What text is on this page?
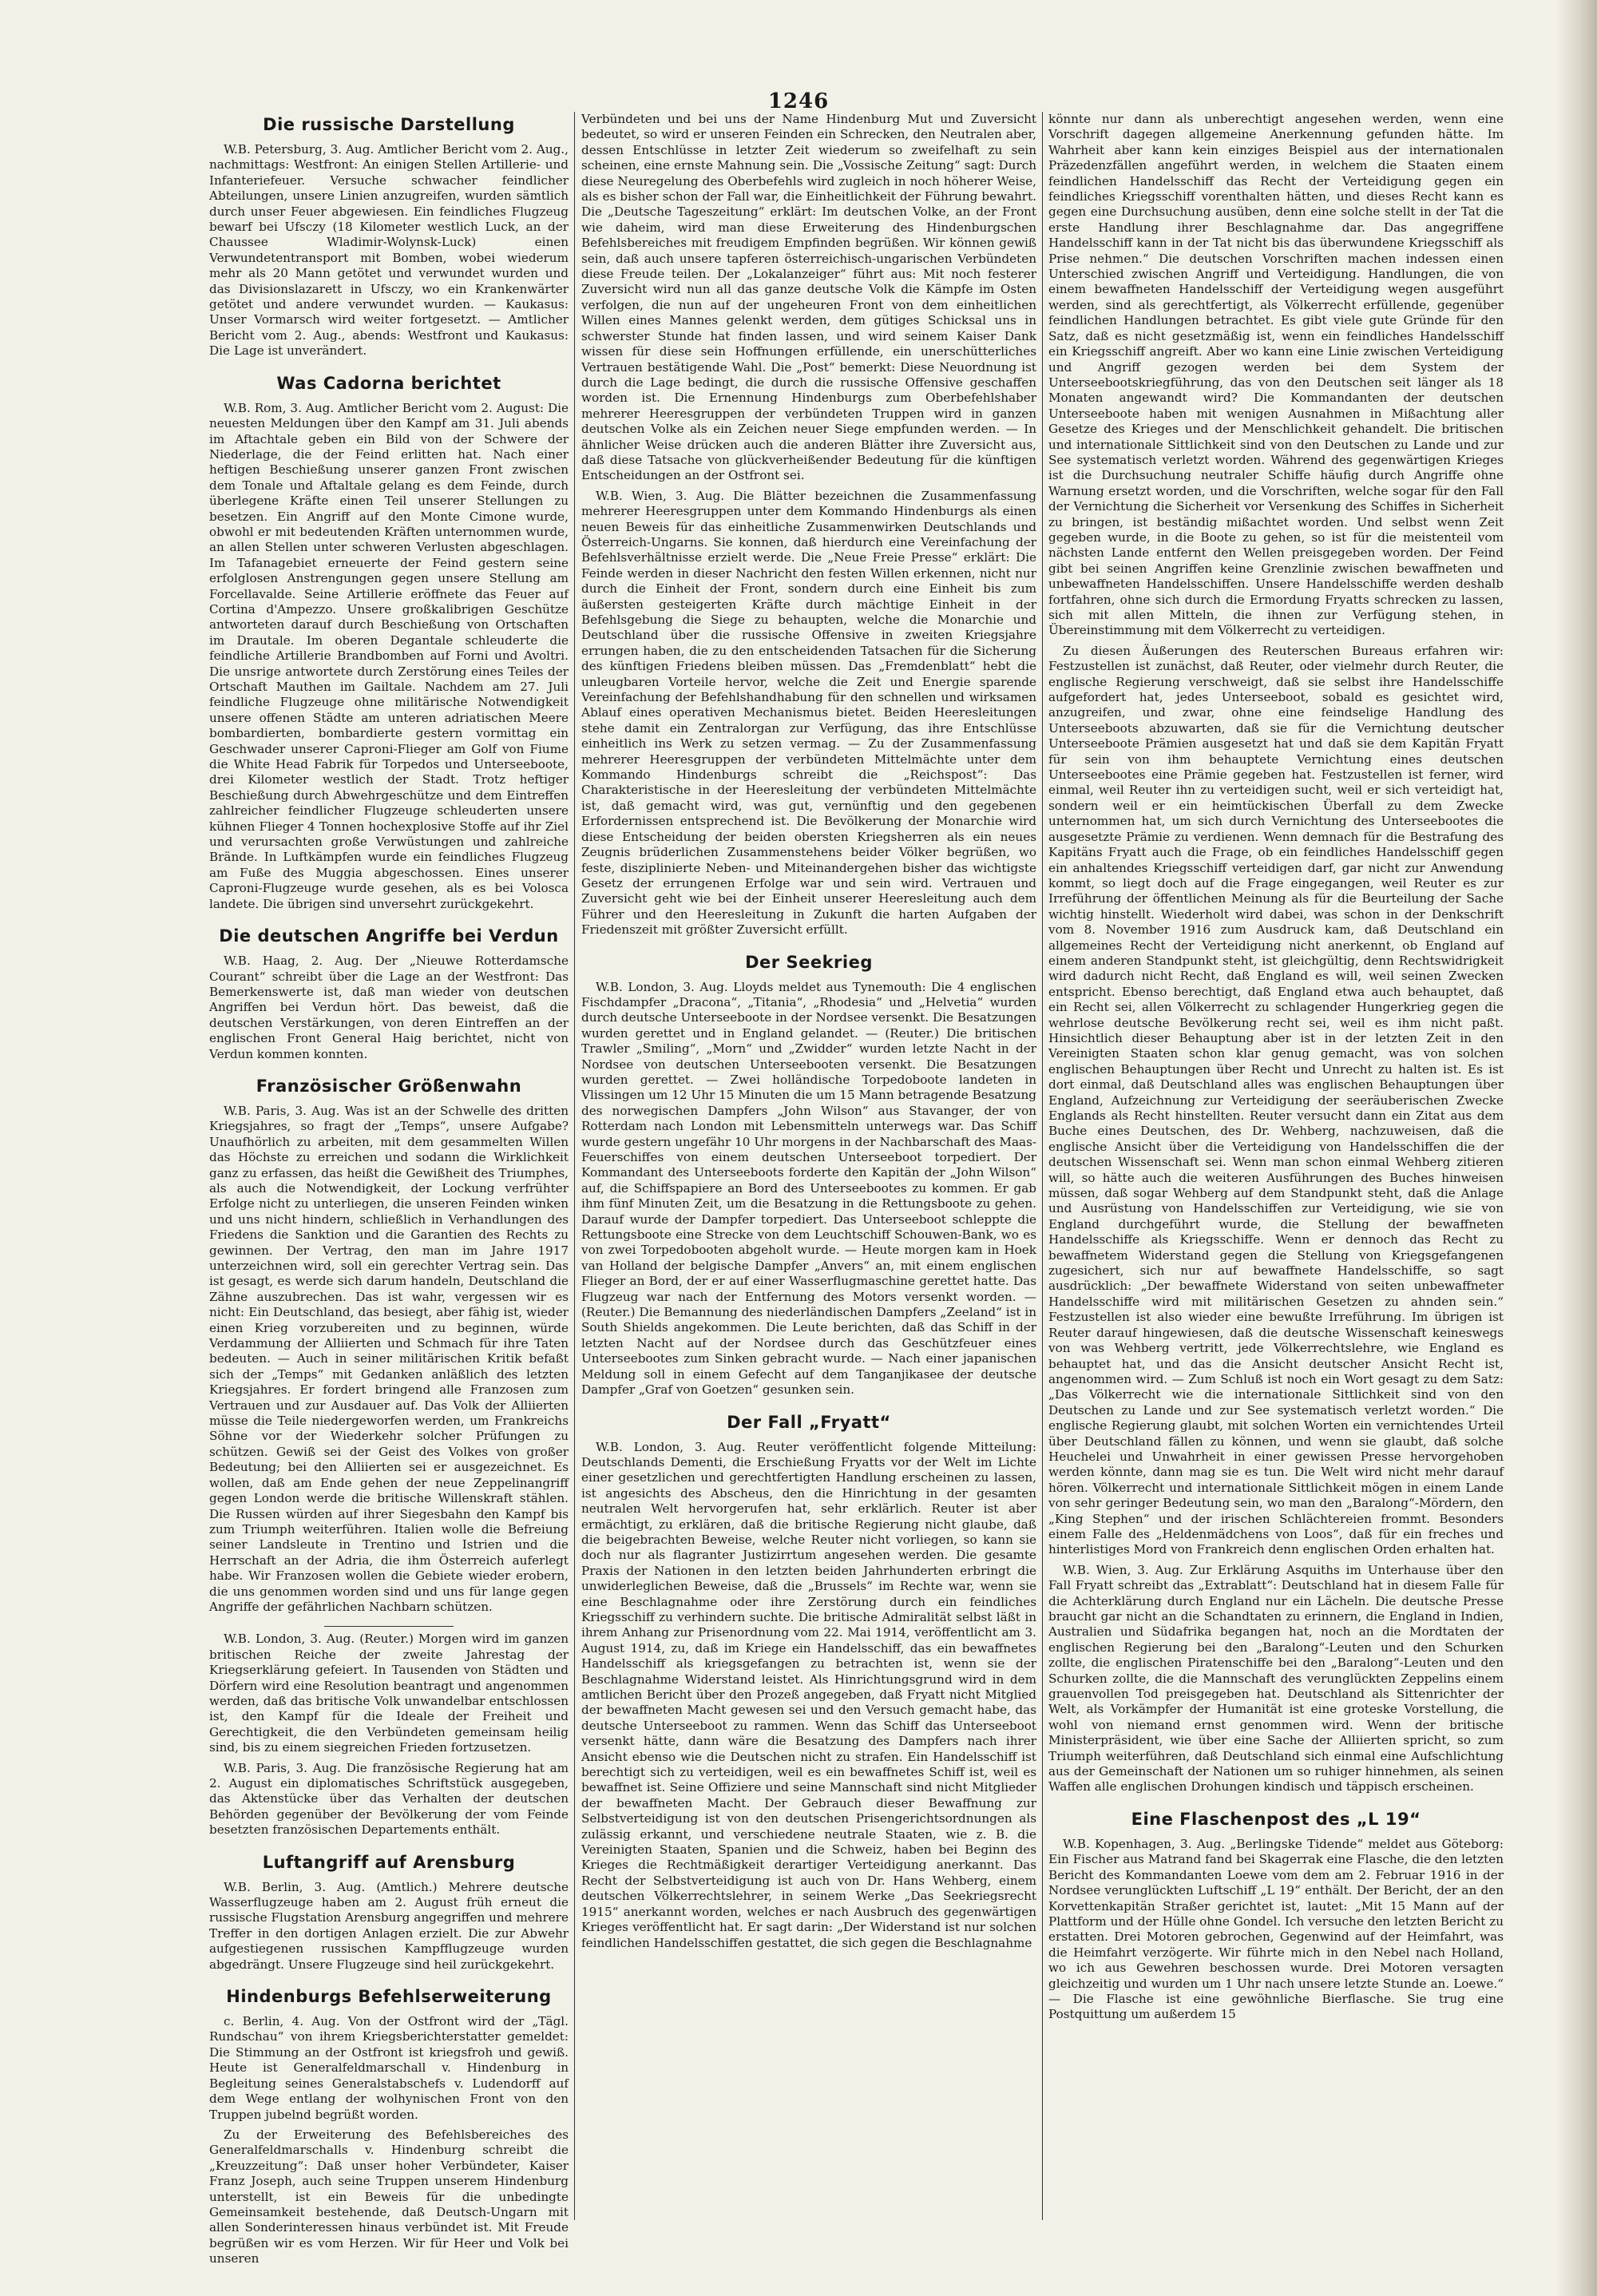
1246
Die russische Darstellung

W.B. Petersburg, 3. Aug. Amtlicher Bericht vom 2. Aug., nachmittags: Westfront: An einigen Stellen Artillerie- und Infanteriefeuer. Versuche schwacher feindlicher Abteilungen, unsere Linien anzugreifen, wurden sämtlich durch unser Feuer abgewiesen. Ein feindliches Flugzeug bewarf bei Ufsczy (18 Kilometer westlich Luck, an der Chaussee Wladimir-Wolynsk-Luck) einen Verwundetentransport mit Bomben, wobei wiederum mehr als 20 Mann getötet und verwundet wurden und das Divisionslazarett in Ufsczy, wo ein Krankenwärter getötet und andere verwundet wurden. — Kaukasus: Unser Vormarsch wird weiter fortgesetzt. — Amtlicher Bericht vom 2. Aug., abends: Westfront und Kaukasus: Die Lage ist unverändert.

Was Cadorna berichtet

W.B. Rom, 3. Aug. Amtlicher Bericht vom 2. August: Die neuesten Meldungen über den Kampf am 31. Juli abends im Aftachtale geben ein Bild von der Schwere der Niederlage, die der Feind erlitten hat. Nach einer heftigen Beschießung unserer ganzen Front zwischen dem Tonale und Aftaltale gelang es dem Feinde, durch überlegene Kräfte einen Teil unserer Stellungen zu besetzen. Ein Angriff auf den Monte Cimone wurde, obwohl er mit bedeutenden Kräften unternommen wurde, an allen Stellen unter schweren Verlusten abgeschlagen. Im Tafanagebiet erneuerte der Feind gestern seine erfolglosen Anstrengungen gegen unsere Stellung am Forcellavalde. Seine Artillerie eröffnete das Feuer auf Cortina d'Ampezzo. Unsere großkalibrigen Geschütze antworteten darauf durch Beschießung von Ortschaften im Drautale. Im oberen Degantale schleuderte die feindliche Artillerie Brandbomben auf Forni und Avoltri. Die unsrige antwortete durch Zerstörung eines Teiles der Ortschaft Mauthen im Gailtale. Nachdem am 27. Juli feindliche Flugzeuge ohne militärische Notwendigkeit unsere offenen Städte am unteren adriatischen Meere bombardierten, bombardierte gestern vormittag ein Geschwader unserer Caproni-Flieger am Golf von Fiume die White Head Fabrik für Torpedos und Unterseeboote, drei Kilometer westlich der Stadt. Trotz heftiger Beschießung durch Abwehrgeschütze und dem Eintreffen zahlreicher feindlicher Flugzeuge schleuderten unsere kühnen Flieger 4 Tonnen hochexplosive Stoffe auf ihr Ziel und verursachten große Verwüstungen und zahlreiche Brände. In Luftkämpfen wurde ein feindliches Flugzeug am Fuße des Muggia abgeschossen. Eines unserer Caproni-Flugzeuge wurde gesehen, als es bei Volosca landete. Die übrigen sind unversehrt zurückgekehrt.

Die deutschen Angriffe bei Verdun

W.B. Haag, 2. Aug. Der „Nieuwe Rotterdamsche Courant“ schreibt über die Lage an der Westfront: Das Bemerkenswerte ist, daß man wieder von deutschen Angriffen bei Verdun hört. Das beweist, daß die deutschen Verstärkungen, von deren Eintreffen an der englischen Front General Haig berichtet, nicht von Verdun kommen konnten.

Französischer Größenwahn

W.B. Paris, 3. Aug. Was ist an der Schwelle des dritten Kriegsjahres, so fragt der „Temps“, unsere Aufgabe? Unaufhörlich zu arbeiten, mit dem gesammelten Willen das Höchste zu erreichen und sodann die Wirklichkeit ganz zu erfassen, das heißt die Gewißheit des Triumphes, als auch die Notwendigkeit, der Lockung verfrühter Erfolge nicht zu unterliegen, die unseren Feinden winken und uns nicht hindern, schließlich in Verhandlungen des Friedens die Sanktion und die Garantien des Rechts zu gewinnen. Der Vertrag, den man im Jahre 1917 unterzeichnen wird, soll ein gerechter Vertrag sein. Das ist gesagt, es werde sich darum handeln, Deutschland die Zähne auszubrechen. Das ist wahr, vergessen wir es nicht: Ein Deutschland, das besiegt, aber fähig ist, wieder einen Krieg vorzubereiten und zu beginnen, würde Verdammung der Alliierten und Schmach für ihre Taten bedeuten. — Auch in seiner militärischen Kritik befaßt sich der „Temps“ mit Gedanken anläßlich des letzten Kriegsjahres. Er fordert bringend alle Franzosen zum Vertrauen und zur Ausdauer auf. Das Volk der Alliierten müsse die Teile niedergeworfen werden, um Frankreichs Söhne vor der Wiederkehr solcher Prüfungen zu schützen. Gewiß sei der Geist des Volkes von großer Bedeutung; bei den Alliierten sei er ausgezeichnet. Es wollen, daß am Ende gehen der neue Zeppelinangriff gegen London werde die britische Willenskraft stählen. Die Russen würden auf ihrer Siegesbahn den Kampf bis zum Triumph weiterführen. Italien wolle die Befreiung seiner Landsleute in Trentino und Istrien und die Herrschaft an der Adria, die ihm Österreich auferlegt habe. Wir Franzosen wollen die Gebiete wieder erobern, die uns genommen worden sind und uns für lange gegen Angriffe der gefährlichen Nachbarn schützen.

W.B. London, 3. Aug. (Reuter.) Morgen wird im ganzen britischen Reiche der zweite Jahrestag der Kriegserklärung gefeiert. In Tausenden von Städten und Dörfern wird eine Resolution beantragt und angenommen werden, daß das britische Volk unwandelbar entschlossen ist, den Kampf für die Ideale der Freiheit und Gerechtigkeit, die den Verbündeten gemeinsam heilig sind, bis zu einem siegreichen Frieden fortzusetzen.

W.B. Paris, 3. Aug. Die französische Regierung hat am 2. August ein diplomatisches Schriftstück ausgegeben, das Aktenstücke über das Verhalten der deutschen Behörden gegenüber der Bevölkerung der vom Feinde besetzten französischen Departements enthält.

Luftangriff auf Arensburg

W.B. Berlin, 3. Aug. (Amtlich.) Mehrere deutsche Wasserflugzeuge haben am 2. August früh erneut die russische Flugstation Arensburg angegriffen und mehrere Treffer in den dortigen Anlagen erzielt. Die zur Abwehr aufgestiegenen russischen Kampfflugzeuge wurden abgedrängt. Unsere Flugzeuge sind heil zurückgekehrt.

Hindenburgs Befehlserweiterung

c. Berlin, 4. Aug. Von der Ostfront wird der „Tägl. Rundschau“ von ihrem Kriegsberichterstatter gemeldet: Die Stimmung an der Ostfront ist kriegsfroh und gewiß. Heute ist Generalfeldmarschall v. Hindenburg in Begleitung seines Generalstabschefs v. Ludendorff auf dem Wege entlang der wolhynischen Front von den Truppen jubelnd begrüßt worden.

Zu der Erweiterung des Befehlsbereiches des Generalfeldmarschalls v. Hindenburg schreibt die „Kreuzzeitung“: Daß unser hoher Verbündeter, Kaiser Franz Joseph, auch seine Truppen unserem Hindenburg unterstellt, ist ein Beweis für die unbedingte Gemeinsamkeit bestehende, daß Deutsch-Ungarn mit allen Sonderinteressen hinaus verbündet ist. Mit Freude begrüßen wir es vom Herzen. Wir für Heer und Volk bei unseren

Verbündeten und bei uns der Name Hindenburg Mut und Zuversicht bedeutet, so wird er unseren Feinden ein Schrecken, den Neutralen aber, dessen Entschlüsse in letzter Zeit wiederum so zweifelhaft zu sein scheinen, eine ernste Mahnung sein. Die „Vossische Zeitung“ sagt: Durch diese Neuregelung des Oberbefehls wird zugleich in noch höherer Weise, als es bisher schon der Fall war, die Einheitlichkeit der Führung bewahrt. Die „Deutsche Tageszeitung“ erklärt: Im deutschen Volke, an der Front wie daheim, wird man diese Erweiterung des Hindenburgschen Befehlsbereiches mit freudigem Empfinden begrüßen. Wir können gewiß sein, daß auch unsere tapferen österreichisch-ungarischen Verbündeten diese Freude teilen. Der „Lokalanzeiger“ führt aus: Mit noch festerer Zuversicht wird nun all das ganze deutsche Volk die Kämpfe im Osten verfolgen, die nun auf der ungeheuren Front von dem einheitlichen Willen eines Mannes gelenkt werden, dem gütiges Schicksal uns in schwerster Stunde hat finden lassen, und wird seinem Kaiser Dank wissen für diese sein Hoffnungen erfüllende, ein unerschütterliches Vertrauen bestätigende Wahl. Die „Post“ bemerkt: Diese Neuordnung ist durch die Lage bedingt, die durch die russische Offensive geschaffen worden ist. Die Ernennung Hindenburgs zum Oberbefehlshaber mehrerer Heeresgruppen der verbündeten Truppen wird in ganzen deutschen Volke als ein Zeichen neuer Siege empfunden werden. — In ähnlicher Weise drücken auch die anderen Blätter ihre Zuversicht aus, daß diese Tatsache von glückverheißender Bedeutung für die künftigen Entscheidungen an der Ostfront sei.

W.B. Wien, 3. Aug. Die Blätter bezeichnen die Zusammenfassung mehrerer Heeresgruppen unter dem Kommando Hindenburgs als einen neuen Beweis für das einheitliche Zusammenwirken Deutschlands und Österreich-Ungarns. Sie konnen, daß hierdurch eine Vereinfachung der Befehlsverhältnisse erzielt werde. Die „Neue Freie Presse“ erklärt: Die Feinde werden in dieser Nachricht den festen Willen erkennen, nicht nur durch die Einheit der Front, sondern durch eine Einheit bis zum äußersten gesteigerten Kräfte durch mächtige Einheit in der Befehlsgebung die Siege zu behaupten, welche die Monarchie und Deutschland über die russische Offensive in zweiten Kriegsjahre errungen haben, die zu den entscheidenden Tatsachen für die Sicherung des künftigen Friedens bleiben müssen. Das „Fremdenblatt“ hebt die unleugbaren Vorteile hervor, welche die Zeit und Energie sparende Vereinfachung der Befehlshandhabung für den schnellen und wirksamen Ablauf eines operativen Mechanismus bietet. Beiden Heeresleitungen stehe damit ein Zentralorgan zur Verfügung, das ihre Entschlüsse einheitlich ins Werk zu setzen vermag. — Zu der Zusammenfassung mehrerer Heeresgruppen der verbündeten Mittelmächte unter dem Kommando Hindenburgs schreibt die „Reichspost“: Das Charakteristische in der Heeresleitung der verbündeten Mittelmächte ist, daß gemacht wird, was gut, vernünftig und den gegebenen Erfordernissen entsprechend ist. Die Bevölkerung der Monarchie wird diese Entscheidung der beiden obersten Kriegsherren als ein neues Zeugnis brüderlichen Zusammenstehens beider Völker begrüßen, wo feste, disziplinierte Neben- und Miteinandergehen bisher das wichtigste Gesetz der errungenen Erfolge war und sein wird. Vertrauen und Zuversicht geht wie bei der Einheit unserer Heeresleitung auch dem Führer und den Heeresleitung in Zukunft die harten Aufgaben der Friedenszeit mit größter Zuversicht erfüllt.

Der Seekrieg

W.B. London, 3. Aug. Lloyds meldet aus Tynemouth: Die 4 englischen Fischdampfer „Dracona“, „Titania“, „Rhodesia“ und „Helvetia“ wurden durch deutsche Unterseeboote in der Nordsee versenkt. Die Besatzungen wurden gerettet und in England gelandet. — (Reuter.) Die britischen Trawler „Smiling“, „Morn“ und „Zwidder“ wurden letzte Nacht in der Nordsee von deutschen Unterseebooten versenkt. Die Besatzungen wurden gerettet. — Zwei holländische Torpedoboote landeten in Vlissingen um 12 Uhr 15 Minuten die um 15 Mann betragende Besatzung des norwegischen Dampfers „John Wilson“ aus Stavanger, der von Rotterdam nach London mit Lebensmitteln unterwegs war. Das Schiff wurde gestern ungefähr 10 Uhr morgens in der Nachbarschaft des Maas-Feuerschiffes von einem deutschen Unterseeboot torpediert. Der Kommandant des Unterseeboots forderte den Kapitän der „John Wilson“ auf, die Schiffspapiere an Bord des Unterseebootes zu kommen. Er gab ihm fünf Minuten Zeit, um die Besatzung in die Rettungsboote zu gehen. Darauf wurde der Dampfer torpediert. Das Unterseeboot schleppte die Rettungsboote eine Strecke von dem Leuchtschiff Schouwen-Bank, wo es von zwei Torpedobooten abgeholt wurde. — Heute morgen kam in Hoek van Holland der belgische Dampfer „Anvers“ an, mit einem englischen Flieger an Bord, der er auf einer Wasserflugmaschine gerettet hatte. Das Flugzeug war nach der Entfernung des Motors versenkt worden. — (Reuter.) Die Bemannung des niederländischen Dampfers „Zeeland“ ist in South Shields angekommen. Die Leute berichten, daß das Schiff in der letzten Nacht auf der Nordsee durch das Geschützfeuer eines Unterseebootes zum Sinken gebracht wurde. — Nach einer japanischen Meldung soll in einem Gefecht auf dem Tanganjikasee der deutsche Dampfer „Graf von Goetzen“ gesunken sein.

Der Fall „Fryatt“

W.B. London, 3. Aug. Reuter veröffentlicht folgende Mitteilung: Deutschlands Dementi, die Erschießung Fryatts vor der Welt im Lichte einer gesetzlichen und gerechtfertigten Handlung erscheinen zu lassen, ist angesichts des Abscheus, den die Hinrichtung in der gesamten neutralen Welt hervorgerufen hat, sehr erklärlich. Reuter ist aber ermächtigt, zu erklären, daß die britische Regierung nicht glaube, daß die beigebrachten Beweise, welche Reuter nicht vorliegen, so kann sie doch nur als flagranter Justizirrtum angesehen werden. Die gesamte Praxis der Nationen in den letzten beiden Jahrhunderten erbringt die unwiderleglichen Beweise, daß die „Brussels“ im Rechte war, wenn sie eine Beschlagnahme oder ihre Zerstörung durch ein feindliches Kriegsschiff zu verhindern suchte. Die britische Admiralität selbst läßt in ihrem Anhang zur Prisenordnung vom 22. Mai 1914, veröffentlicht am 3. August 1914, zu, daß im Kriege ein Handelsschiff, das ein bewaffnetes Handelsschiff als kriegsgefangen zu betrachten ist, wenn sie der Beschlagnahme Widerstand leistet. Als Hinrichtungsgrund wird in dem amtlichen Bericht über den Prozeß angegeben, daß Fryatt nicht Mitglied der bewaffneten Macht gewesen sei und den Versuch gemacht habe, das deutsche Unterseeboot zu rammen. Wenn das Schiff das Unterseeboot versenkt hätte, dann wäre die Besatzung des Dampfers nach ihrer Ansicht ebenso wie die Deutschen nicht zu strafen. Ein Handelsschiff ist berechtigt sich zu verteidigen, weil es ein bewaffnetes Schiff ist, weil es bewaffnet ist. Seine Offiziere und seine Mannschaft sind nicht Mitglieder der bewaffneten Macht. Der Gebrauch dieser Bewaffnung zur Selbstverteidigung ist von den deutschen Prisengerichtsordnungen als zulässig erkannt, und verschiedene neutrale Staaten, wie z. B. die Vereinigten Staaten, Spanien und die Schweiz, haben bei Beginn des Krieges die Rechtmäßigkeit derartiger Verteidigung anerkannt. Das Recht der Selbstverteidigung ist auch von Dr. Hans Wehberg, einem deutschen Völkerrechtslehrer, in seinem Werke „Das Seekriegsrecht 1915“ anerkannt worden, welches er nach Ausbruch des gegenwärtigen Krieges veröffentlicht hat. Er sagt darin: „Der Widerstand ist nur solchen feindlichen Handelsschiffen gestattet, die sich gegen die Beschlagnahme

könnte nur dann als unberechtigt angesehen werden, wenn eine Vorschrift dagegen allgemeine Anerkennung gefunden hätte. Im Wahrheit aber kann kein einziges Beispiel aus der internationalen Präzedenzfällen angeführt werden, in welchem die Staaten einem feindlichen Handelsschiff das Recht der Verteidigung gegen ein feindliches Kriegsschiff vorenthalten hätten, und dieses Recht kann es gegen eine Durchsuchung ausüben, denn eine solche stellt in der Tat die erste Handlung ihrer Beschlagnahme dar. Das angegriffene Handelsschiff kann in der Tat nicht bis das überwundene Kriegsschiff als Prise nehmen.“ Die deutschen Vorschriften machen indessen einen Unterschied zwischen Angriff und Verteidigung. Handlungen, die von einem bewaffneten Handelsschiff der Verteidigung wegen ausgeführt werden, sind als gerechtfertigt, als Völkerrecht erfüllende, gegenüber feindlichen Handlungen betrachtet. Es gibt viele gute Gründe für den Satz, daß es nicht gesetzmäßig ist, wenn ein feindliches Handelsschiff ein Kriegsschiff angreift. Aber wo kann eine Linie zwischen Verteidigung und Angriff gezogen werden bei dem System der Unterseebootskriegführung, das von den Deutschen seit länger als 18 Monaten angewandt wird? Die Kommandanten der deutschen Unterseeboote haben mit wenigen Ausnahmen in Mißachtung aller Gesetze des Krieges und der Menschlichkeit gehandelt. Die britischen und internationale Sittlichkeit sind von den Deutschen zu Lande und zur See systematisch verletzt worden. Während des gegenwärtigen Krieges ist die Durchsuchung neutraler Schiffe häufig durch Angriffe ohne Warnung ersetzt worden, und die Vorschriften, welche sogar für den Fall der Vernichtung die Sicherheit vor Versenkung des Schiffes in Sicherheit zu bringen, ist beständig mißachtet worden. Und selbst wenn Zeit gegeben wurde, in die Boote zu gehen, so ist für die meistenteil vom nächsten Lande entfernt den Wellen preisgegeben worden. Der Feind gibt bei seinen Angriffen keine Grenzlinie zwischen bewaffneten und unbewaffneten Handelsschiffen. Unsere Handelsschiffe werden deshalb fortfahren, ohne sich durch die Ermordung Fryatts schrecken zu lassen, sich mit allen Mitteln, die ihnen zur Verfügung stehen, in Übereinstimmung mit dem Völkerrecht zu verteidigen.

Zu diesen Äußerungen des Reuterschen Bureaus erfahren wir: Festzustellen ist zunächst, daß Reuter, oder vielmehr durch Reuter, die englische Regierung verschweigt, daß sie selbst ihre Handelsschiffe aufgefordert hat, jedes Unterseeboot, sobald es gesichtet wird, anzugreifen, und zwar, ohne eine feindselige Handlung des Unterseeboots abzuwarten, daß sie für die Vernichtung deutscher Unterseeboote Prämien ausgesetzt hat und daß sie dem Kapitän Fryatt für sein von ihm behauptete Vernichtung eines deutschen Unterseebootes eine Prämie gegeben hat. Festzustellen ist ferner, wird einmal, weil Reuter ihn zu verteidigen sucht, weil er sich verteidigt hat, sondern weil er ein heimtückischen Überfall zu dem Zwecke unternommen hat, um sich durch Vernichtung des Unterseebootes die ausgesetzte Prämie zu verdienen. Wenn demnach für die Bestrafung des Kapitäns Fryatt auch die Frage, ob ein feindliches Handelsschiff gegen ein anhaltendes Kriegsschiff verteidigen darf, gar nicht zur Anwendung kommt, so liegt doch auf die Frage eingegangen, weil Reuter es zur Irreführung der öffentlichen Meinung als für die Beurteilung der Sache wichtig hinstellt. Wiederholt wird dabei, was schon in der Denkschrift vom 8. November 1916 zum Ausdruck kam, daß Deutschland ein allgemeines Recht der Verteidigung nicht anerkennt, ob England auf einem anderen Standpunkt steht, ist gleichgültig, denn Rechtswidrigkeit wird dadurch nicht Recht, daß England es will, weil seinen Zwecken entspricht. Ebenso berechtigt, daß England etwa auch behauptet, daß ein Recht sei, allen Völkerrecht zu schlagender Hungerkrieg gegen die wehrlose deutsche Bevölkerung recht sei, weil es ihm nicht paßt. Hinsichtlich dieser Behauptung aber ist in der letzten Zeit in den Vereinigten Staaten schon klar genug gemacht, was von solchen englischen Behauptungen über Recht und Unrecht zu halten ist. Es ist dort einmal, daß Deutschland alles was englischen Behauptungen über England, Aufzeichnung zur Verteidigung der seeräuberischen Zwecke Englands als Recht hinstellten. Reuter versucht dann ein Zitat aus dem Buche eines Deutschen, des Dr. Wehberg, nachzuweisen, daß die englische Ansicht über die Verteidigung von Handelsschiffen die der deutschen Wissenschaft sei. Wenn man schon einmal Wehberg zitieren will, so hätte auch die weiteren Ausführungen des Buches hinweisen müssen, daß sogar Wehberg auf dem Standpunkt steht, daß die Anlage und Ausrüstung von Handelsschiffen zur Verteidigung, wie sie von England durchgeführt wurde, die Stellung der bewaffneten Handelsschiffe als Kriegsschiffe. Wenn er dennoch das Recht zu bewaffnetem Widerstand gegen die Stellung von Kriegsgefangenen zugesichert, sich nur auf bewaffnete Handelsschiffe, so sagt ausdrücklich: „Der bewaffnete Widerstand von seiten unbewaffneter Handelsschiffe wird mit militärischen Gesetzen zu ahnden sein.“ Festzustellen ist also wieder eine bewußte Irreführung. Im übrigen ist Reuter darauf hingewiesen, daß die deutsche Wissenschaft keineswegs von was Wehberg vertritt, jede Völkerrechtslehre, wie England es behauptet hat, und das die Ansicht deutscher Ansicht Recht ist, angenommen wird. — Zum Schluß ist noch ein Wort gesagt zu dem Satz: „Das Völkerrecht wie die internationale Sittlichkeit sind von den Deutschen zu Lande und zur See systematisch verletzt worden.“ Die englische Regierung glaubt, mit solchen Worten ein vernichtendes Urteil über Deutschland fällen zu können, und wenn sie glaubt, daß solche Heuchelei und Unwahrheit in einer gewissen Presse hervorgehoben werden könnte, dann mag sie es tun. Die Welt wird nicht mehr darauf hören. Völkerrecht und internationale Sittlichkeit mögen in einem Lande von sehr geringer Bedeutung sein, wo man den „Baralong“-Mördern, den „King Stephen“ und der irischen Schlächtereien frommt. Besonders einem Falle des „Heldenmädchens von Loos“, daß für ein freches und hinterlistiges Mord von Frankreich denn englischen Orden erhalten hat.

W.B. Wien, 3. Aug. Zur Erklärung Asquiths im Unterhause über den Fall Fryatt schreibt das „Extrablatt“: Deutschland hat in diesem Falle für die Achterklärung durch England nur ein Lächeln. Die deutsche Presse braucht gar nicht an die Schandtaten zu erinnern, die England in Indien, Australien und Südafrika begangen hat, noch an die Mordtaten der englischen Regierung bei den „Baralong“-Leuten und den Schurken zollte, die englischen Piratenschiffe bei den „Baralong“-Leuten und den Schurken zollte, die die Mannschaft des verunglückten Zeppelins einem grauenvollen Tod preisgegeben hat. Deutschland als Sittenrichter der Welt, als Vorkämpfer der Humanität ist eine groteske Vorstellung, die wohl von niemand ernst genommen wird. Wenn der britische Ministerpräsident, wie über eine Sache der Alliierten spricht, so zum Triumph weiterführen, daß Deutschland sich einmal eine Aufschlichtung aus der Gemeinschaft der Nationen um so ruhiger hinnehmen, als seinen Waffen alle englischen Drohungen kindisch und täppisch erscheinen.

Eine Flaschenpost des „L 19“

W.B. Kopenhagen, 3. Aug. „Berlingske Tidende“ meldet aus Göteborg: Ein Fischer aus Matrand fand bei Skagerrak eine Flasche, die den letzten Bericht des Kommandanten Loewe vom dem am 2. Februar 1916 in der Nordsee verunglückten Luftschiff „L 19“ enthält. Der Bericht, der an den Korvettenkapitän Straßer gerichtet ist, lautet: „Mit 15 Mann auf der Plattform und der Hülle ohne Gondel. Ich versuche den letzten Bericht zu erstatten. Drei Motoren gebrochen, Gegenwind auf der Heimfahrt, was die Heimfahrt verzögerte. Wir führte mich in den Nebel nach Holland, wo ich aus Gewehren beschossen wurde. Drei Motoren versagten gleichzeitig und wurden um 1 Uhr nach unsere letzte Stunde an. Loewe.“ — Die Flasche ist eine gewöhnliche Bierflasche. Sie trug eine Postquittung um außerdem 15
